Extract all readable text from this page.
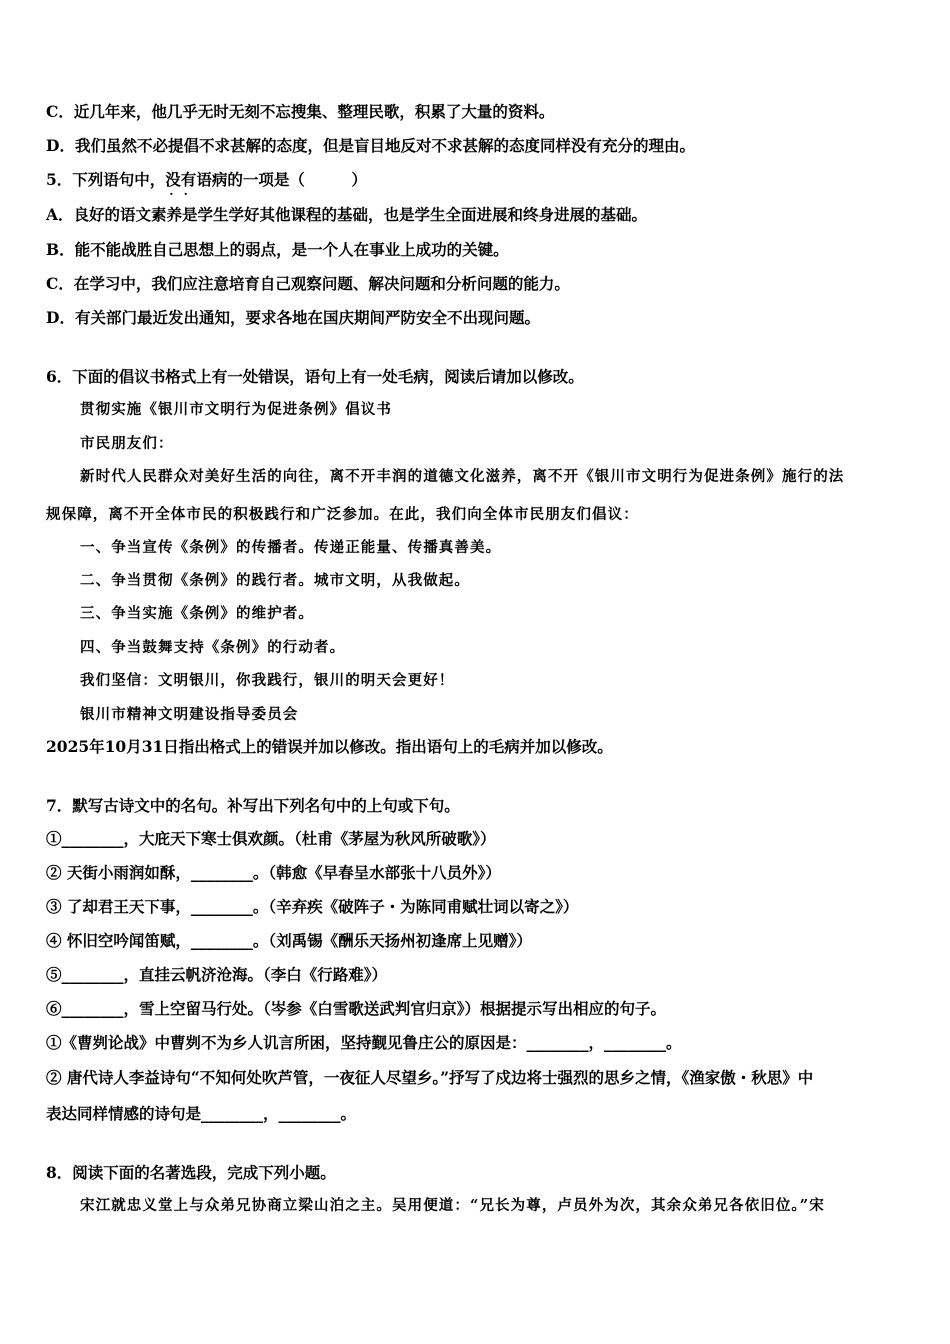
C．近几年来，他几乎无时无刻不忘搜集、整理民歌，积累了大量的资料。
D．我们虽然不必提倡不求甚解的态度，但是盲目地反对不求甚解的态度同样没有充分的理由。
5．下列语句中，没有 · ·语病的一项是（　　　）
A．良好的语文素养是学生学好其他课程的基础，也是学生全面进展和终身进展的基础。
B．能不能战胜自己思想上的弱点，是一个人在事业上成功的关键。
C．在学习中，我们应注意培育自己观察问题、解决问题和分析问题的能力。
D．有关部门最近发出通知，要求各地在国庆期间严防安全不出现问题。
6．下面的倡议书格式上有一处错误，语句上有一处毛病，阅读后请加以修改。
贯彻实施《银川市文明行为促进条例》倡议书
市民朋友们：
新时代人民群众对美好生活的向往，离不开丰润的道德文化滋养，离不开《银川市文明行为促进条例》施行的法
规保障，离不开全体市民的积极践行和广泛参加。在此，我们向全体市民朋友们倡议：
一、争当宣传《条例》的传播者。传递正能量、传播真善美。
二、争当贯彻《条例》的践行者。城市文明，从我做起。
三、争当实施《条例》的维护者。
四、争当鼓舞支持《条例》的行动者。
我们坚信：文明银川，你我践行，银川的明天会更好！
银川市精神文明建设指导委员会
2025年10月31日指出格式上的错误并加以修改。指出语句上的毛病并加以修改。
7．默写古诗文中的名句。补写出下列名句中的上句或下句。
①________，大庇天下寒士俱欢颜。（杜甫《茅屋为秋风所破歌》）
② 天街小雨润如酥，________。（韩愈《早春呈水部张十八员外》）
③ 了却君王天下事，________。（辛弃疾《破阵子・为陈同甫赋壮词以寄之》）
④ 怀旧空吟闻笛赋，________。（刘禹锡《酬乐天扬州初逢席上见赠》）
⑤________，直挂云帆济沧海。（李白《行路难》）
⑥________，雪上空留马行处。（岑参《白雪歌送武判官归京》）根据提示写出相应的句子。
①《曹刿论战》中曹刿不为乡人讥言所困，坚持觐见鲁庄公的原因是：________，________。
② 唐代诗人李益诗句“不知何处吹芦管，一夜征人尽望乡。”抒写了戍边将士强烈的思乡之情，《渔家傲・秋思》中
表达同样情感的诗句是________，________。
8．阅读下面的名著选段，完成下列小题。
宋江就忠义堂上与众弟兄协商立梁山泊之主。吴用便道：“兄长为尊，卢员外为次，其余众弟兄各依旧位。”宋
